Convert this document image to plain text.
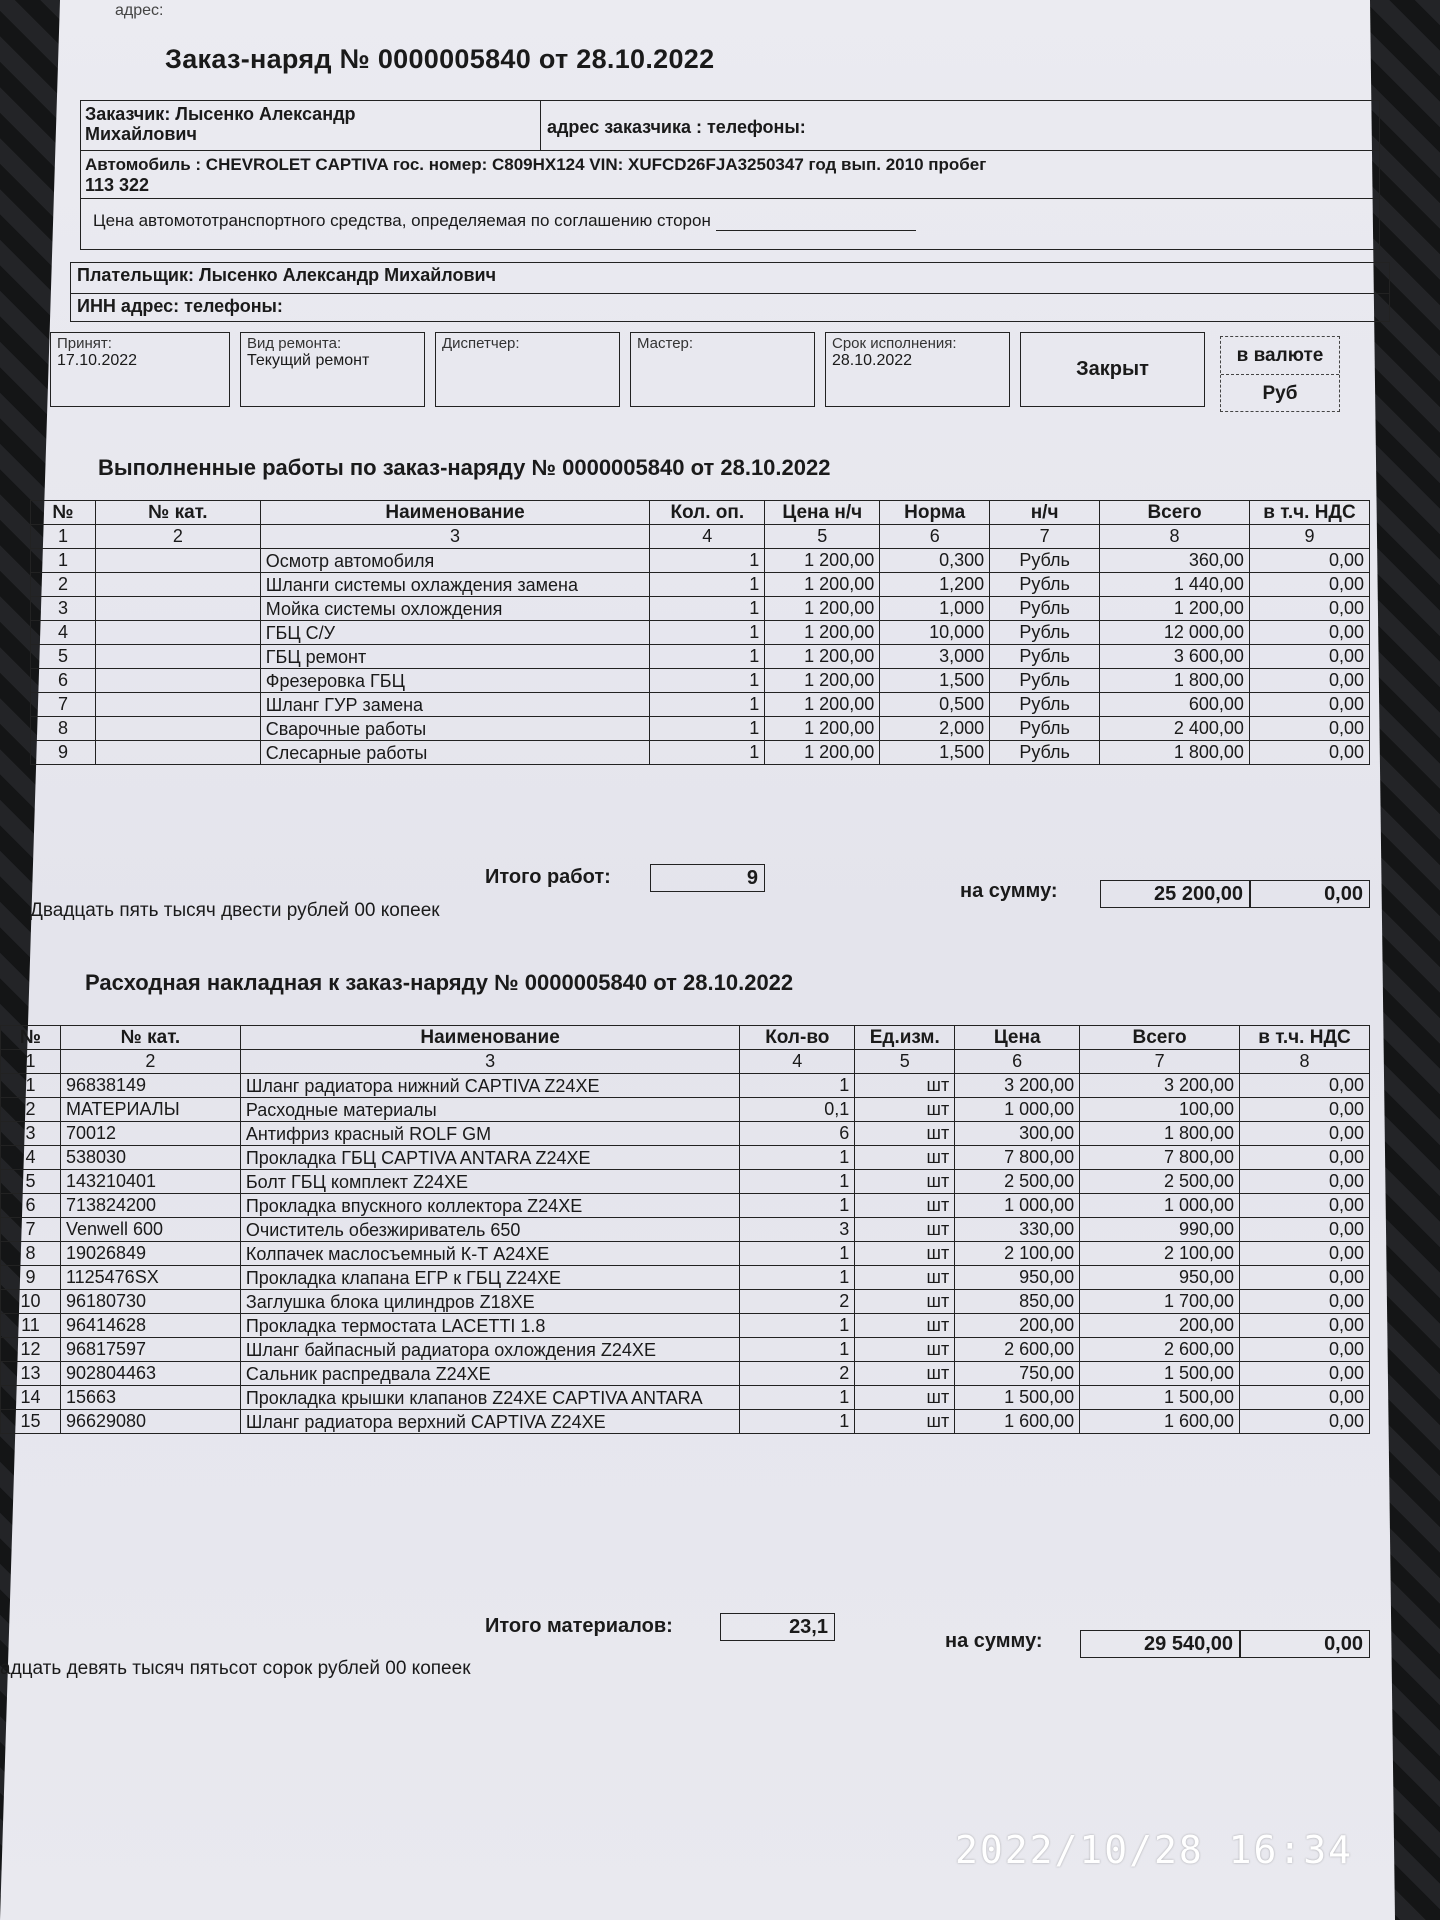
адрес:
Заказ-наряд № 0000005840 от 28.10.2022
Заказчик: Лысенко Александр
Михайлович	адрес заказчика : телефоны:
Автомобиль : CHEVROLET CAPTIVA гос. номер: С809НХ124 VIN: XUFCD26FJA3250347 год вып. 2010 пробег
113 322
Цена автомототранспортного средства, определяемая по соглашению сторон
Плательщик: Лысенко Александр Михайлович
ИНН адрес: телефоны:
Принят:
17.10.2022
Вид ремонта:
Текущий ремонт
Диспетчер:	Мастер:	Срок исполнения:
28.10.2022	Закрыт
в валюте
Руб
Выполненные работы по заказ-наряду № 0000005840 от 28.10.2022
№	№ кат.	Наименование	Кол. оп.	Цена н/ч	Норма	н/ч	Всего	в т.ч. НДС
1	2	3	4	5	6	7	8	9
1		Осмотр автомобиля	1	1 200,00	0,300	Рубль	360,00	0,00
2		Шланги системы охлаждения замена	1	1 200,00	1,200	Рубль	1 440,00	0,00
3		Мойка системы охлождения	1	1 200,00	1,000	Рубль	1 200,00	0,00
4		ГБЦ С/У	1	1 200,00	10,000	Рубль	12 000,00	0,00
5		ГБЦ ремонт	1	1 200,00	3,000	Рубль	3 600,00	0,00
6		Фрезеровка ГБЦ	1	1 200,00	1,500	Рубль	1 800,00	0,00
7		Шланг ГУР замена	1	1 200,00	0,500	Рубль	600,00	0,00
8		Сварочные работы	1	1 200,00	2,000	Рубль	2 400,00	0,00
9		Слесарные работы	1	1 200,00	1,500	Рубль	1 800,00	0,00
Итого работ:	9
на сумму:	25 200,00	0,00
Двадцать пять тысяч двести рублей 00 копеек
Расходная накладная к заказ-наряду № 0000005840 от 28.10.2022
№	№ кат.	Наименование	Кол-во	Ед.изм.	Цена	Всего	в т.ч. НДС
1	2	3	4	5	6	7	8
1	96838149	Шланг радиатора нижний CAPTIVA Z24XE	1	шт	3 200,00	3 200,00	0,00
2	МАТЕРИАЛЫ	Расходные материалы	0,1	шт	1 000,00	100,00	0,00
3	70012	Антифриз красный ROLF GM	6	шт	300,00	1 800,00	0,00
4	538030	Прокладка ГБЦ CAPTIVA ANTARA Z24XE	1	шт	7 800,00	7 800,00	0,00
5	143210401	Болт ГБЦ комплект Z24XE	1	шт	2 500,00	2 500,00	0,00
6	713824200	Прокладка впускного коллектора Z24XE	1	шт	1 000,00	1 000,00	0,00
7	Venwell 600	Очиститель обезжириватель 650	3	шт	330,00	990,00	0,00
8	19026849	Колпачек маслосъемный К-Т А24XE	1	шт	2 100,00	2 100,00	0,00
9	1125476SX	Прокладка клапана ЕГР к ГБЦ Z24XE	1	шт	950,00	950,00	0,00
10	96180730	Заглушка блока цилиндров Z18XE	2	шт	850,00	1 700,00	0,00
11	96414628	Прокладка термостата LACETTI 1.8	1	шт	200,00	200,00	0,00
12	96817597	Шланг байпасный радиатора охлождения Z24XE	1	шт	2 600,00	2 600,00	0,00
13	902804463	Сальник распредвала Z24XE	2	шт	750,00	1 500,00	0,00
14	15663	Прокладка крышки клапанов Z24XE CAPTIVA ANTARA	1	шт	1 500,00	1 500,00	0,00
15	96629080	Шланг радиатора верхний CAPTIVA Z24XE	1	шт	1 600,00	1 600,00	0,00
Итого материалов:	23,1
на сумму:	29 540,00	0,00
адцать девять тысяч пятьсот сорок рублей 00 копеек
2022/10/28 16:34
